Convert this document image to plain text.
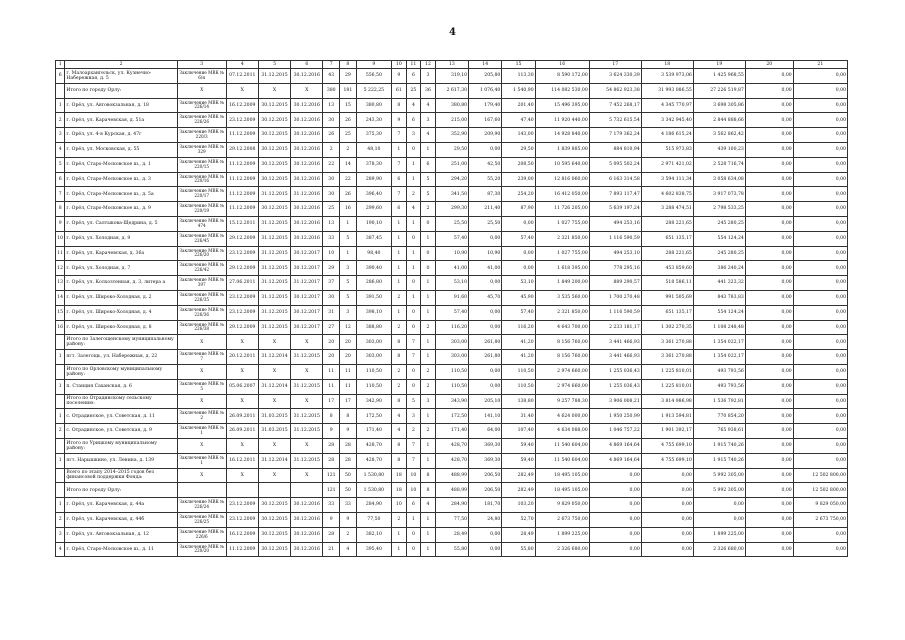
4
1	2	3	4	5	6	7	8	9	10	11	12	13	14	15	16	17	18	19	20	21
6	г. Малоархангельск, ул. Кузнечно-Набережная, д. 5	Заключение МВК № 6/н	07.12.2011	31.12.2015	30.12.2016	43	29	556,50	9	6	3	319,10	205,80	113,30	8 590 172,00	3 624 330,39	3 539 973,06	1 425 968,55	0,00	0,00
	Итого по городу Орлу:	X	X	X	X	380	181	5 222,25	61	25	36	2 617,30	1 076,40	1 540,90	114 082 530,00	54 862 923,38	31 993 086,55	27 226 519,87	0,00	0,00
1	г. Орёл, ул. Автовокзальная, д. 18	Заключение МВК № 226/14	16.12.2009	30.12.2015	30.12.2016	13	15	380,80	8	4	4	380,80	179,40	201,40	15 496 395,00	7 452 268,17	4 345 770,97	3 698 305,86	0,00	0,00
2	г. Орёл, ул. Карачевская, д. 51а	Заключение МВК № 226/26	23.12.2009	30.12.2015	30.12.2016	30	26	243,30	9	6	3	215,00	167,60	47,40	11 920 440,00	5 732 615,54	3 342 945,40	2 844 888,66	0,00	0,00
3	г. Орёл, ул. 4-я Курская, д. 47г	Заключение МВК № 220/3	11.12.2009	30.12.2015	30.12.2016	26	25	375,30	7	3	4	352,90	209,90	143,00	14 928 840,00	7 179 362,24	4 186 615,24	3 562 862,42	0,00	0,00
4	г. Орёл, ул. Московская, д. 55	Заключение МВК № 329	29.12.2008	30.12.2015	30.12.2016	2	2	48,10	1	0	1	29,50	0,00	29,50	1 839 885,00	884 810,94	515 973,83	439 100,23	0,00	0,00
5	г. Орёл, Старо-Московское ш., д. 1	Заключение МВК № 220/15	11.12.2009	30.12.2015	30.12.2016	22	14	378,30	7	1	6	251,00	42,50	208,50	10 595 640,00	5 095 502,24	2 971 421,02	2 528 716,74	0,00	0,00
6	г. Орёл, Старо-Московское ш., д. 3	Заключение МВК № 220/16	11.12.2009	30.12.2015	30.12.2016	30	22	289,90	6	1	5	294,20	55,20	239,00	12 816 060,00	6 163 314,58	3 594 111,34	3 058 634,08	0,00	0,00
7	г. Орёл, Старо-Московское ш., д. 5а	Заключение МВК № 220/17	11.12.2009	31.12.2015	31.12.2016	30	26	396,40	7	2	5	341,50	87,30	254,20	16 412 050,00	7 893 117,47	4 602 838,75	3 917 073,78	0,00	0,00
8	г. Орёл, Старо-Московское ш., д. 9	Заключение МВК № 220/19	11.12.2009	30.12.2015	30.12.2016	25	16	299,60	6	4	2	299,30	211,40	87,90	11 726 205,00	5 639 197,24	3 288 474,51	2 798 533,25	0,00	0,00
9	г. Орёл, ул. Салтыкова-Щедрина, д. 5	Заключение МВК № 474	15.12.2011	31.12.2015	30.12.2016	13	1	190,10	1	1	0	25,50	25,50	0,00	1 027 755,00	494 253,16	288 221,65	245 280,25	0,00	0,00
10	г. Орёл, ул. Холодная, д. 9	Заключение МВК № 226/45	29.12.2009	31.12.2015	30.12.2016	33	5	387,45	1	0	1	57,40	0,00	57,40	2 321 850,00	1 116 590,59	651 135,17	554 124,24	0,00	0,00
11	г. Орёл, ул. Карачевская, д. 36а	Заключение МВК № 226/20	23.12.2009	31.12.2015	30.12.2017	10	1	98,40	1	1	0	10,90	10,90	0,00	1 027 755,00	494 253,10	288 221,65	245 280,25	0,00	0,00
12	г. Орёл, ул. Холодная, д. 7	Заключение МВК № 226/42	29.12.2009	31.12.2015	30.12.2017	29	3	390,40	1	1	0	41,00	41,00	0,00	1 618 395,00	778 295,16	453 859,60	386 240,24	0,00	0,00
13	г. Орёл, ул. Колхозтенная, д. 3, литера а	Заключение МВК № 397	27.06.2011	31.12.2015	31.12.2017	37	5	286,80	1	0	1	53,10	0,00	53,10	1 849 200,00	889 290,57	518 586,11	441 323,32	0,00	0,00
14	г. Орёл, ул. Широко-Холодная, д. 2	Заключение МВК № 226/35	23.12.2009	31.12.2015	30.12.2017	30	5	391,50	2	1	1	91,60	45,70	45,90	3 535 560,00	1 700 270,48	991 505,69	843 783,83	0,00	0,00
15	г. Орёл, ул. Широко-Холодная, д. 4	Заключение МВК № 226/36	23.12.2009	31.12.2015	30.12.2017	31	3	398,10	1	0	1	57,40	0,00	57,40	2 321 850,00	1 116 590,59	651 135,17	554 124,24	0,00	0,00
16	г. Орёл, ул. Широко-Холодная, д. 8	Заключение МВК № 226/38	29.12.2009	31.12.2015	30.12.2017	27	12	388,80	2	0	2	116,20	0,00	116,20	4 643 700,00	2 233 181,17	1 302 270,35	1 108 248,48	0,00	0,00
	Итого по Залегощенскому муниципальному району:	X	X	X	X	20	20	303,00	8	7	1	303,00	261,80	41,20	8 156 760,00	3 441 466,93	3 361 270,88	1 354 022,17	0,00	0,00
1	пгт. Залегощь, ул. Набережная, д. 22	Заключение МВК № 7	20.12.2011	31.12.2014	31.12.2015	20	20	303,00	8	7	1	303,00	261,80	41,20	8 156 760,00	3 441 466,93	3 361 270,88	1 354 022,17	0,00	0,00
	Итого по Орловскому муниципальному району:	X	X	X	X	11	11	110,50	2	0	2	110,50	0,00	110,50	2 974 660,00	1 255 036,43	1 225 810,01	493 793,56	0,00	0,00
1	п. Станция Саханская, д. 6	Заключение МВК № 5	05.06.2007	31.12.2014	31.12.2015	11	11	110,50	2	0	2	110,50	0,00	110,50	2 974 660,00	1 255 036,43	1 225 810,01	493 793,56	0,00	0,00
	Итого по Отрадинскому сельскому поселению:	X	X	X	X	17	17	342,90	8	5	3	343,90	205,10	138,80	9 257 788,30	3 906 008,21	3 814 986,98	1 536 792,81	0,00	0,00
1	с. Отрадинское, ул. Советская, д. 11	Заключение МВК № 2	26.09.2011	31.03.2015	31.12.2015	8	8	172,50	4	3	1	172,50	141,10	31,40	4 624 000,00	1 950 250,99	1 913 594,81	770 854,20	0,00	0,00
2	с. Отрадинское, ул. Советская, д. 9	Заключение МВК № 1	26.09.2011	31.03.2015	31.12.2015	9	9	171,40	4	2	2	171,40	64,00	107,40	4 634 088,00	1 046 757,22	1 901 392,17	765 938,61	0,00	0,00
	Итого по Урицкому муниципальному району:	X	X	X	X	28	28	428,70	8	7	1	428,70	369,30	59,40	11 540 604,00	4 869 164,64	4 755 699,10	1 915 740,26	0,00	0,00
1	пгт. Нарышкино, ул. Ленина, д. 139	Заключение МВК № 1	16.12.2011	31.12.2014	31.12.2015	28	28	428,70	8	7	1	428,70	369,30	59,40	11 540 604,00	4 869 164,64	4 755 699,10	1 915 740,26	0,00	0,00
	Всего по этапу 2014–2015 годов без финансовой поддержки Фонда:	X	X	X	X	121	50	1 530,80	18	10	8	488,99	206,50	282,49	18 495 105,00	0,00	0,00	5 992 305,00	0,00	12 502 800,00
	Итого по городу Орлу:					121	50	1 530,80	18	10	8	488,99	206,50	282,49	18 495 105,00	0,00	0,00	5 992 305,00	0,00	12 502 800,00
1	г. Орёл, ул. Карачевская, д. 44а	Заключение МВК № 226/24	23.12.2009	30.12.2015	30.12.2016	33	33	284,90	10	6	4	284,90	181,70	103,20	9 829 050,00	0,00	0,00	0,00	0,00	9 829 050,00
2	г. Орёл, ул. Карачевская, д. 44б	Заключение МВК № 226/25	23.12.2009	30.12.2015	30.12.2016	9	9	77,50	2	1	1	77,50	24,80	52,70	2 673 750,00	0,00	0,00	0,00	0,00	2 673 750,00
3	г. Орёл, ул. Автовокзальная, д. 12	Заключение МВК № 226/6	16.12.2009	30.12.2015	30.12.2016	28	2	382,10	1	0	1	28,49	0,00	28,49	1 899 225,00	0,00	0,00	1 899 225,00	0,00	0,00
4	г. Орёл, Старо-Московское ш., д. 11	Заключение МВК № 220/20	11.12.2009	30.12.2015	30.12.2016	21	4	395,40	1	0	1	55,80	0,00	55,80	2 326 680,00	0,00	0,00	2 326 680,00	0,00	0,00
